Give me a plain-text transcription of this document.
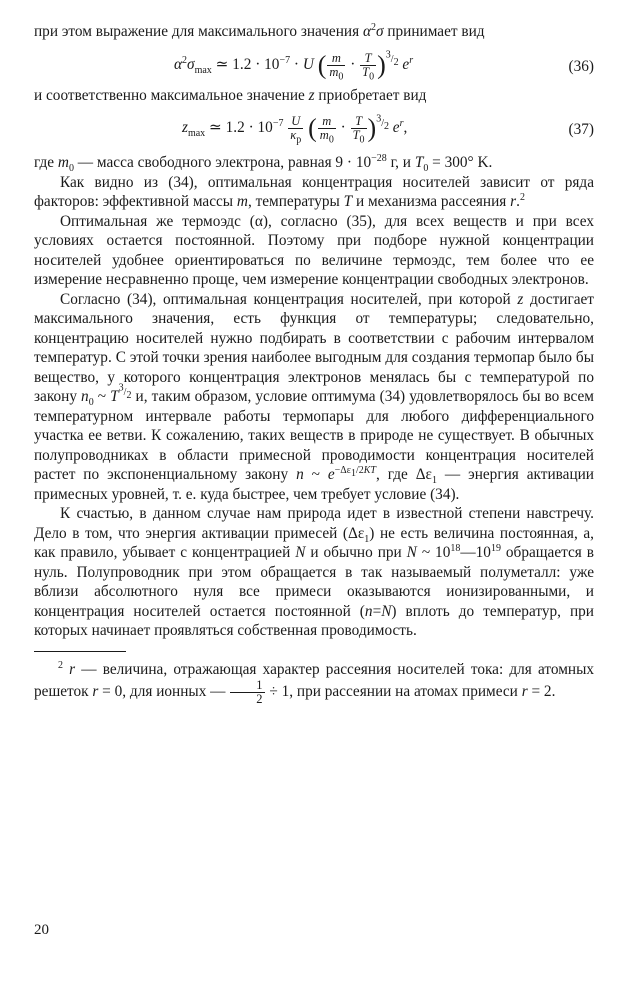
при этом выражение для максимального значения $\alpha^2\sigma$ принимает вид

$\alpha^2\sigma_{max}$ ≃ $1.2 \cdot 10^{-7} \cdot U$ ( $\frac{m}{m_0} \cdot \frac{T}{T_0} )^{^3/_2}$ $e^r$	(36)

и соответственно максимальное значение z приобретает вид

$z_{max}$ ≃ $1.2 \cdot 10^{-7} \frac{U}{\kappa_p}$ ( $\frac{m}{m_0} \cdot \frac{T}{T_0} )^{^3/_2}$ $e^r$,	(37)

где $m_0$ — масса свободного электрона, равная $9 \cdot 10^{-28}$ г, и $T_0 = 300^\circ$ K.

Как видно из (34), оптимальная концентрация носителей зависит от ряда факторов: эффективной массы m, температуры T и механизма рассеяния r.$^2$

Оптимальная же термоэдс (α), согласно (35), для всех веществ и при всех условиях остается постоянной. Поэтому при подборе нужной концентрации носителей удобнее ориентироваться по величине термоэдс, тем более что ее измерение несравненно проще, чем измерение концентрации свободных электронов.

Согласно (34), оптимальная концентрация носителей, при которой z достигает максимального значения, есть функция от температуры; следовательно, концентрацию носителей нужно подбирать в соответствии с рабочим интервалом температур. С этой точки зрения наиболее выгодным для создания термопар было бы вещество, у которого концентрация электронов менялась бы с температурой по закону $n_0$ ~ $T^{^3/_2}$ и, таким образом, условие оптимума (34) удовлетворялось бы во всем температурном интервале работы термопары для любого дифференциального участка ее ветви. К сожалению, таких веществ в природе не существует. В обычных полупроводниках в области примесной проводимости концентрация носителей растет по экспоненциальному закону n ~ $e^{-\Delta\varepsilon_1/2KT}$, где $\Delta\varepsilon_1$ — энергия активации примесных уровней, т. е. куда быстрее, чем требует условие (34).

К счастью, в данном случае нам природа идет в известной степени навстречу. Дело в том, что энергия активации примесей $(\Delta\varepsilon_1)$ не есть величина постоянная, а, как правило, убывает с концентрацией N и обычно при N ~ $10^{18}—10^{19}$ обращается в нуль. Полупроводник при этом обращается в так называемый полуметалл: уже вблизи абсолютного нуля все примеси оказываются ионизированными, и концентрация носителей остается постоянной (n=N) вплоть до температур, при которых начинает проявляться собственная проводимость.

$^2$ r — величина, отражающая характер рассеяния носителей тока: для атомных решеток r = 0, для ионных — $\frac{1}{2} \div 1$, при рассеянии на атомах примеси r = 2.

20
